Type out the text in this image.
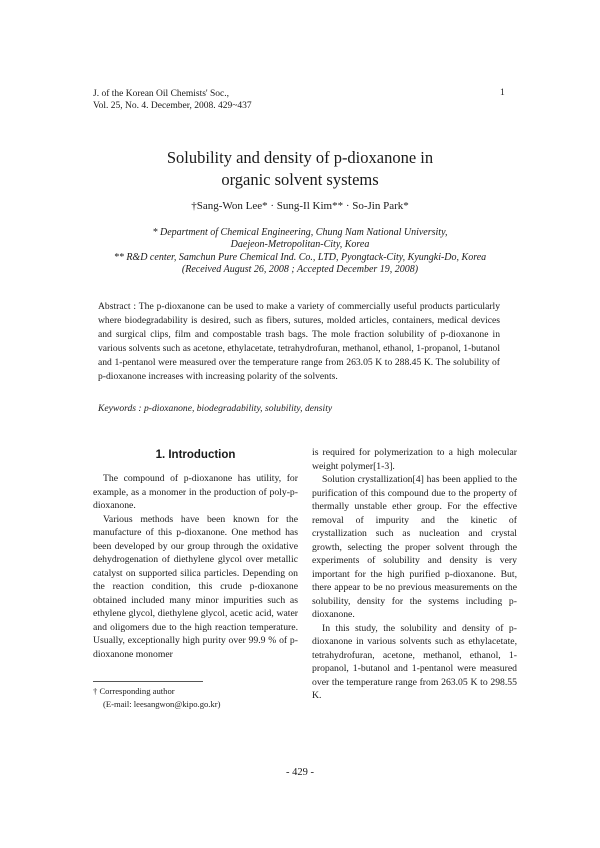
J. of the Korean Oil Chemists' Soc.,
Vol. 25, No. 4. December, 2008. 429~437
1
Solubility and density of p-dioxanone in
organic solvent systems
†Sang-Won Lee* · Sung-Il Kim** · So-Jin Park*
* Department of Chemical Engineering, Chung Nam National University,
Daejeon-Metropolitan-City, Korea
** R&D center, Samchun Pure Chemical Ind. Co., LTD, Pyongtack-City, Kyungki-Do, Korea
(Received August 26, 2008 ; Accepted December 19, 2008)
Abstract : The p-dioxanone can be used to make a variety of commercially useful products particularly where biodegradability is desired, such as fibers, sutures, molded articles, containers, medical devices and surgical clips, film and compostable trash bags. The mole fraction solubility of p-dioxanone in various solvents such as acetone, ethylacetate, tetrahydrofuran, methanol, ethanol, 1-propanol, 1-butanol and 1-pentanol were measured over the temperature range from 263.05 K to 288.45 K. The solubility of p-dioxanone increases with increasing polarity of the solvents.
Keywords : p-dioxanone, biodegradability, solubility, density
1. Introduction

The compound of p-dioxanone has utility, for example, as a monomer in the production of poly-p-dioxanone.

Various methods have been known for the manufacture of this p-dioxanone. One method has been developed by our group through the oxidative dehydrogenation of diethylene glycol over metallic catalyst on supported silica particles. Depending on the reaction condition, this crude p-dioxanone obtained included many minor impurities such as ethylene glycol, diethylene glycol, acetic acid, water and oligomers due to the high reaction temperature. Usually, exceptionally high purity over 99.9 % of p-dioxanone monomer

is required for polymerization to a high molecular weight polymer[1-3].

Solution crystallization[4] has been applied to the purification of this compound due to the property of thermally unstable ether group. For the effective removal of impurity and the kinetic of crystallization such as nucleation and crystal growth, selecting the proper solvent through the experiments of solubility and density is very important for the high purified p-dioxanone. But, there appear to be no previous measurements on the solubility, density for the systems including p-dioxanone.

In this study, the solubility and density of p-dioxanone in various solvents such as ethylacetate, tetrahydrofuran, acetone, methanol, ethanol, 1-propanol, 1-butanol and 1-pentanol were measured over the temperature range from 263.05 K to 298.55 K.

† Corresponding author
(E-mail: leesangwon@kipo.go.kr)
- 429 -
